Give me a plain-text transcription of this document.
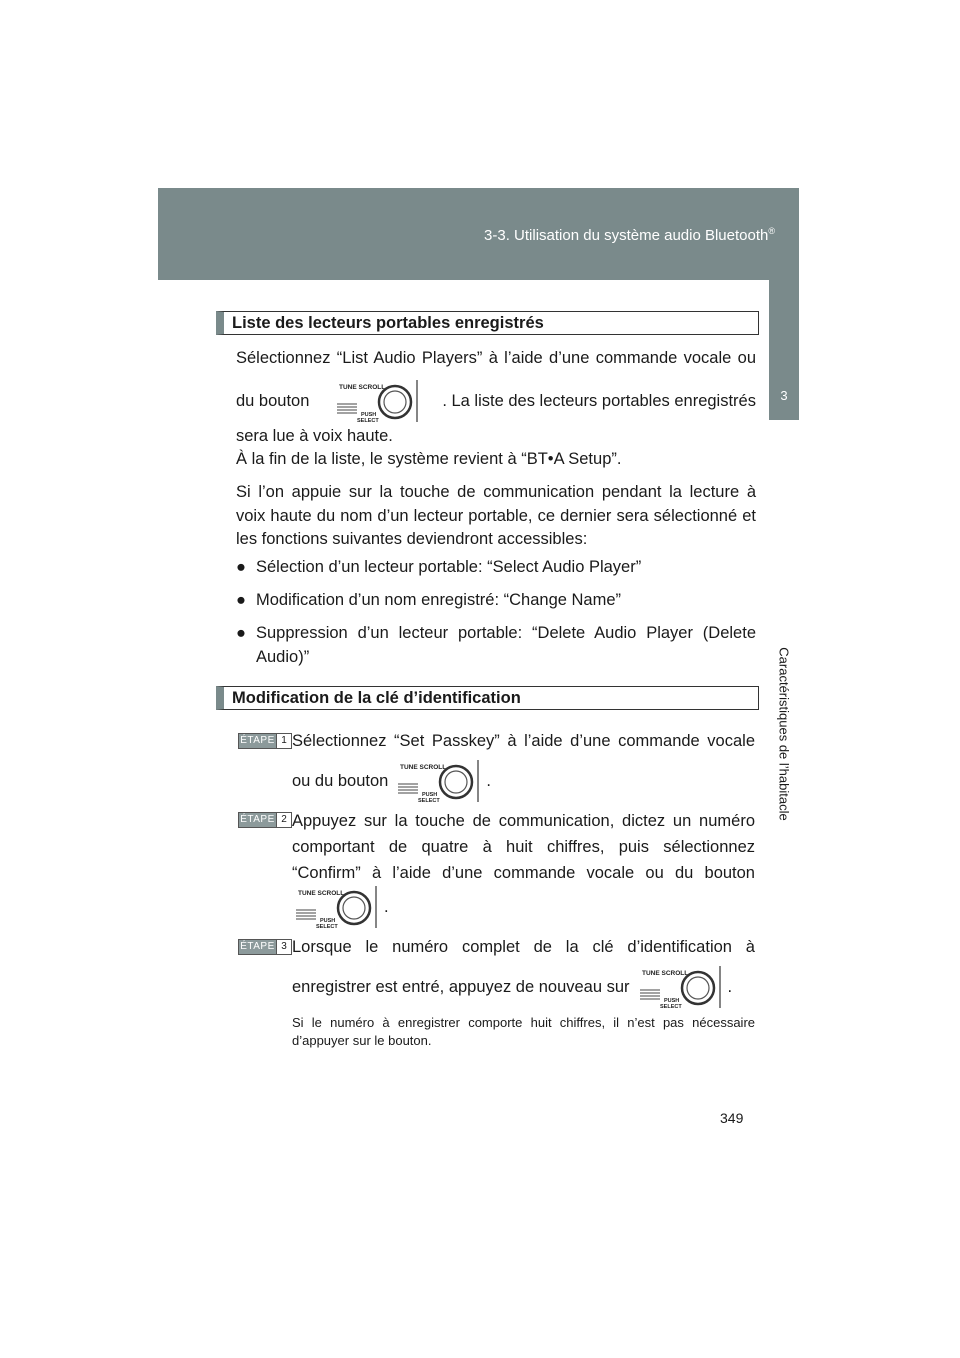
3-3. Utilisation du système audio Bluetooth®
3
Caractéristiques de l’habitacle
Liste des lecteurs portables enregistrés
Sélectionnez “List Audio Players” à l’aide d’une commande vocale ou
du bouton
TUNE SCROLL
PUSH
SELECT
. La liste des lecteurs portables enregistrés
sera lue à voix haute.
À la fin de la liste, le système revient à “BT•A Setup”.
Si l’on appuie sur la touche de communication pendant la lecture à voix haute du nom d’un lecteur portable, ce dernier sera sélectionné et les fonctions suivantes deviendront accessibles:
● Sélection d’un lecteur portable: “Select Audio Player”
● Modification d’un nom enregistré: “Change Name”
● Suppression d’un lecteur portable: “Delete Audio Player (Delete Audio)”
Modification de la clé d’identification
ÉTAPE 1 Sélectionnez “Set Passkey” à l’aide d’une commande vocale
ou du bouton
TUNE SCROLL
PUSH
SELECT
.
ÉTAPE 2 Appuyez sur la touche de communication, dictez un numéro comportant de quatre à huit chiffres, puis sélectionnez “Confirm” à l’aide d’une commande vocale ou du bouton
TUNE SCROLL
PUSH
SELECT
.
ÉTAPE 3 Lorsque le numéro complet de la clé d’identification à
enregistrer est entré, appuyez de nouveau sur
TUNE SCROLL
PUSH
SELECT
.
Si le numéro à enregistrer comporte huit chiffres, il n’est pas nécessaire d’appuyer sur le bouton.
349
